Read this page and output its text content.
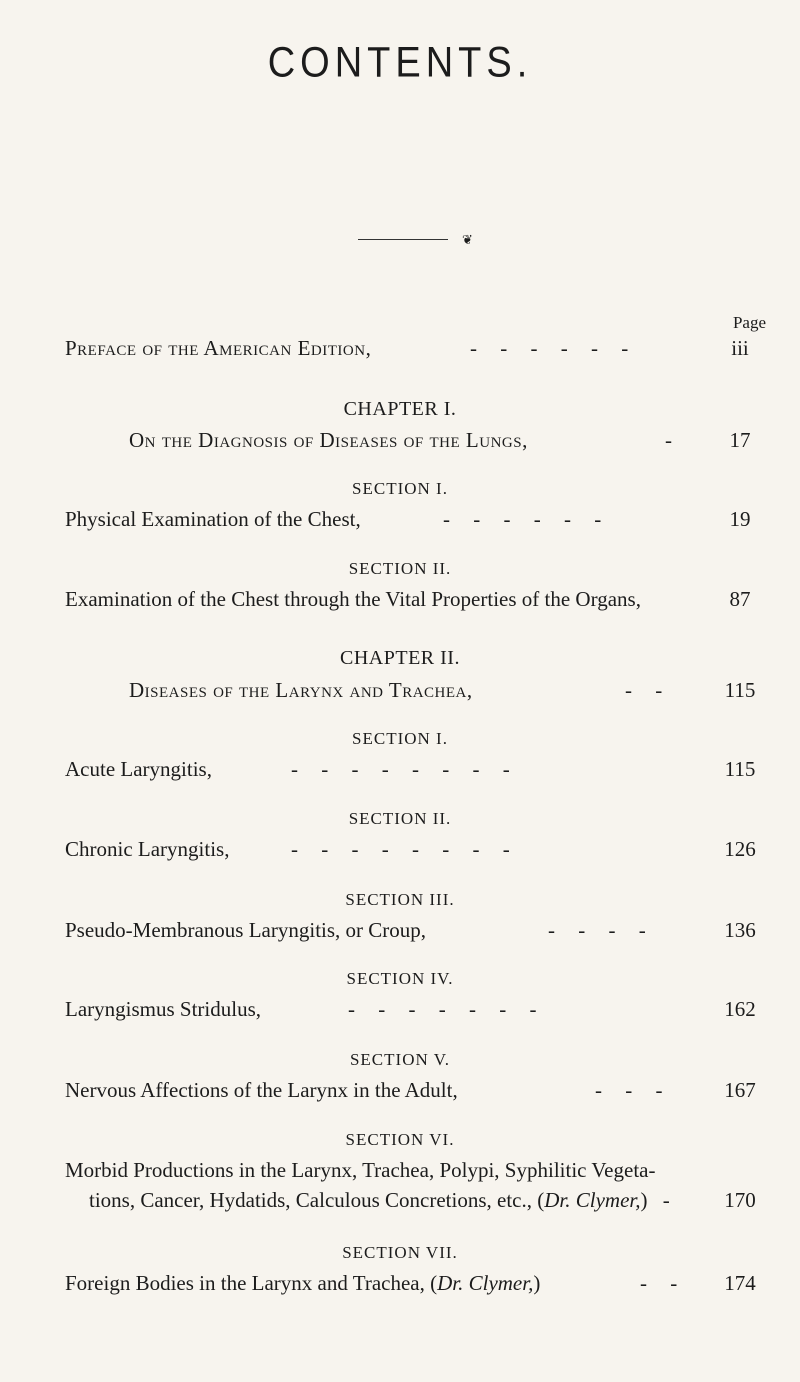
CONTENTS.
❦
Page
Preface of the American Edition,	- - - - - -	iii
CHAPTER I.
On the Diagnosis of Diseases of the Lungs,	-	17
SECTION I.
Physical Examination of the Chest,	- - - - - -	19
SECTION II.
Examination of the Chest through the Vital Properties of the Organs,	87
CHAPTER II.
Diseases of the Larynx and Trachea,	- -	115
SECTION I.
Acute Laryngitis,	- - - - - - - -	115
SECTION II.
Chronic Laryngitis,	- - - - - - - -	126
SECTION III.
Pseudo-Membranous Laryngitis, or Croup,	- - - -	136
SECTION IV.
Laryngismus Stridulus,	- - - - - - -	162
SECTION V.
Nervous Affections of the Larynx in the Adult,	- - -	167
SECTION VI.
Morbid Productions in the Larynx, Trachea, Polypi, Syphilitic Vegeta-
tions, Cancer, Hydatids, Calculous Concretions, etc., (Dr. Clymer,) -	170
SECTION VII.
Foreign Bodies in the Larynx and Trachea, (Dr. Clymer,)	- -	174
